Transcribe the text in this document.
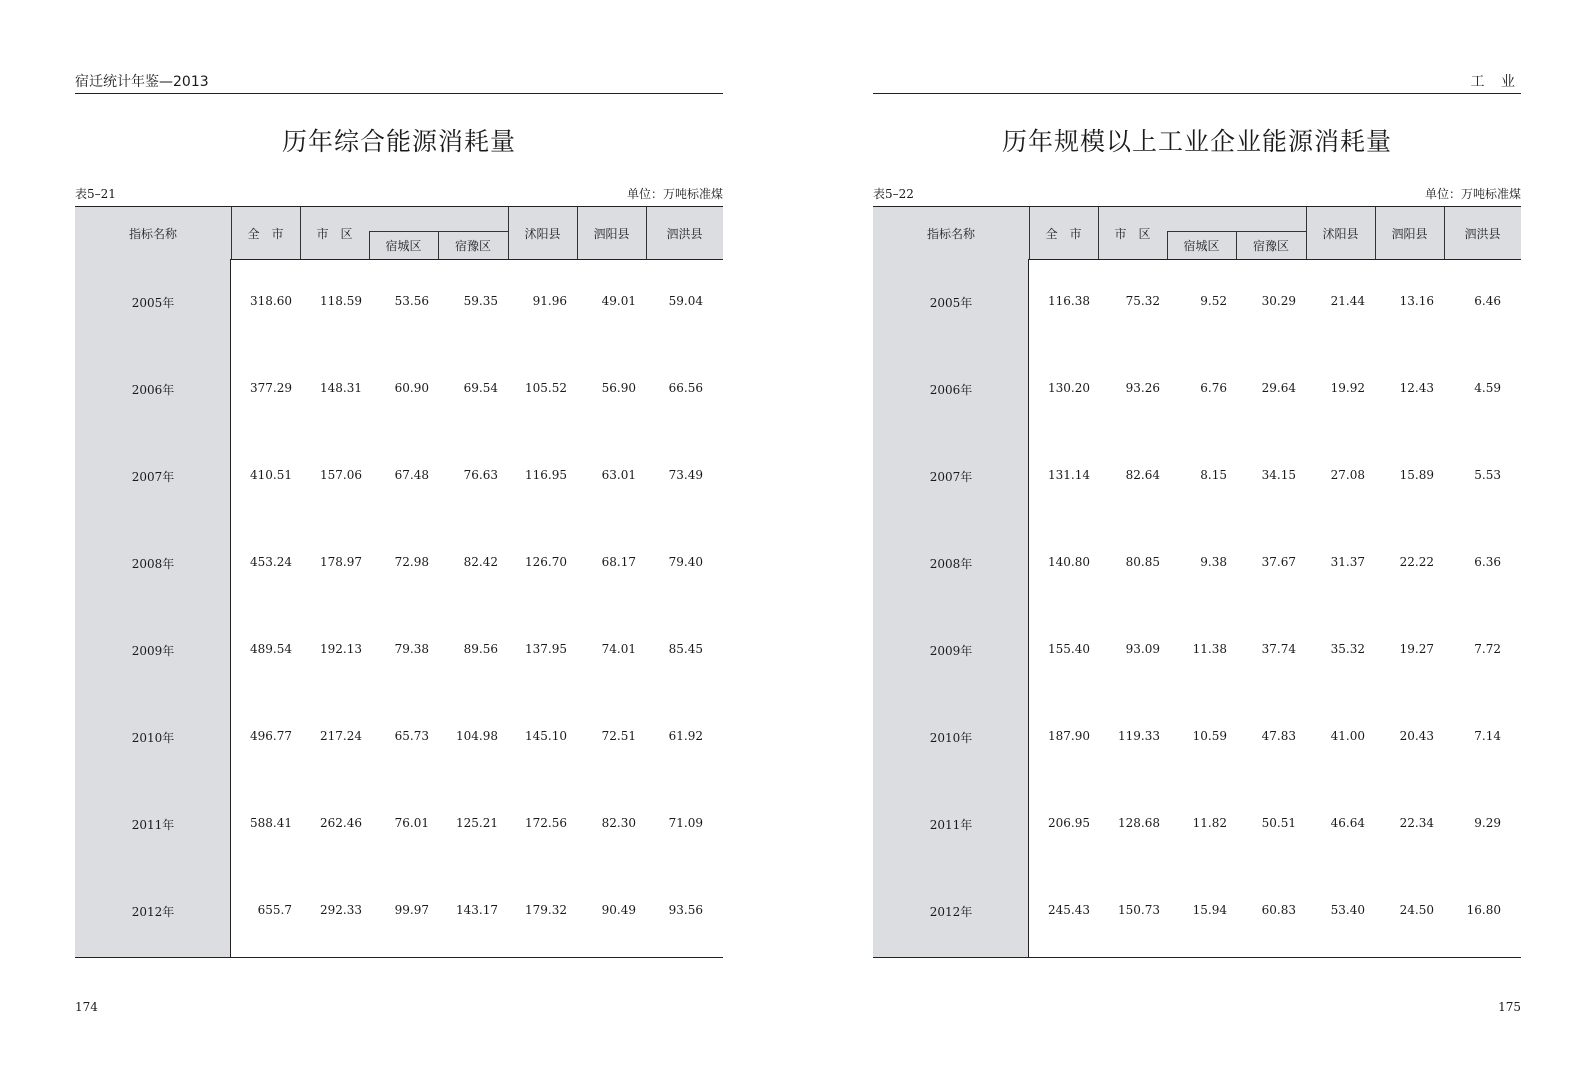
宿迁统计年鉴—2013
历年综合能源消耗量
表5–21	单位：万吨标准煤
指标名称	全　市	市　区
宿城区	宿豫区
沭阳县	泗阳县	泗洪县
2005年	318.60 118.59	53.56	59.35	91.96	49.01	59.04
2006年	377.29 148.31	60.90	69.54 105.52	56.90	66.56
2007年	410.51 157.06	67.48	76.63 116.95	63.01	73.49
2008年	453.24 178.97	72.98	82.42 126.70	68.17	79.40
2009年	489.54 192.13	79.38	89.56 137.95	74.01	85.45
2010年	496.77 217.24	65.73 104.98 145.10	72.51	61.92
2011年	588.41 262.46	76.01 125.21 172.56	82.30	71.09
2012年	655.7 292.33	99.97 143.17 179.32	90.49	93.56
174
工 业
历年规模以上工业企业能源消耗量
表5–22	单位：万吨标准煤
指标名称	全　市	市　区
宿城区	宿豫区
沭阳县	泗阳县	泗洪县
2005年	116.38	75.32	9.52	30.29	21.44	13.16	6.46
2006年	130.20	93.26	6.76	29.64	19.92	12.43	4.59
2007年	131.14	82.64	8.15	34.15	27.08	15.89	5.53
2008年	140.80	80.85	9.38	37.67	31.37	22.22	6.36
2009年	155.40	93.09	11.38	37.74	35.32	19.27	7.72
2010年	187.90 119.33	10.59	47.83	41.00	20.43	7.14
2011年	206.95 128.68	11.82	50.51	46.64	22.34	9.29
2012年	245.43 150.73	15.94	60.83	53.40	24.50	16.80
175
